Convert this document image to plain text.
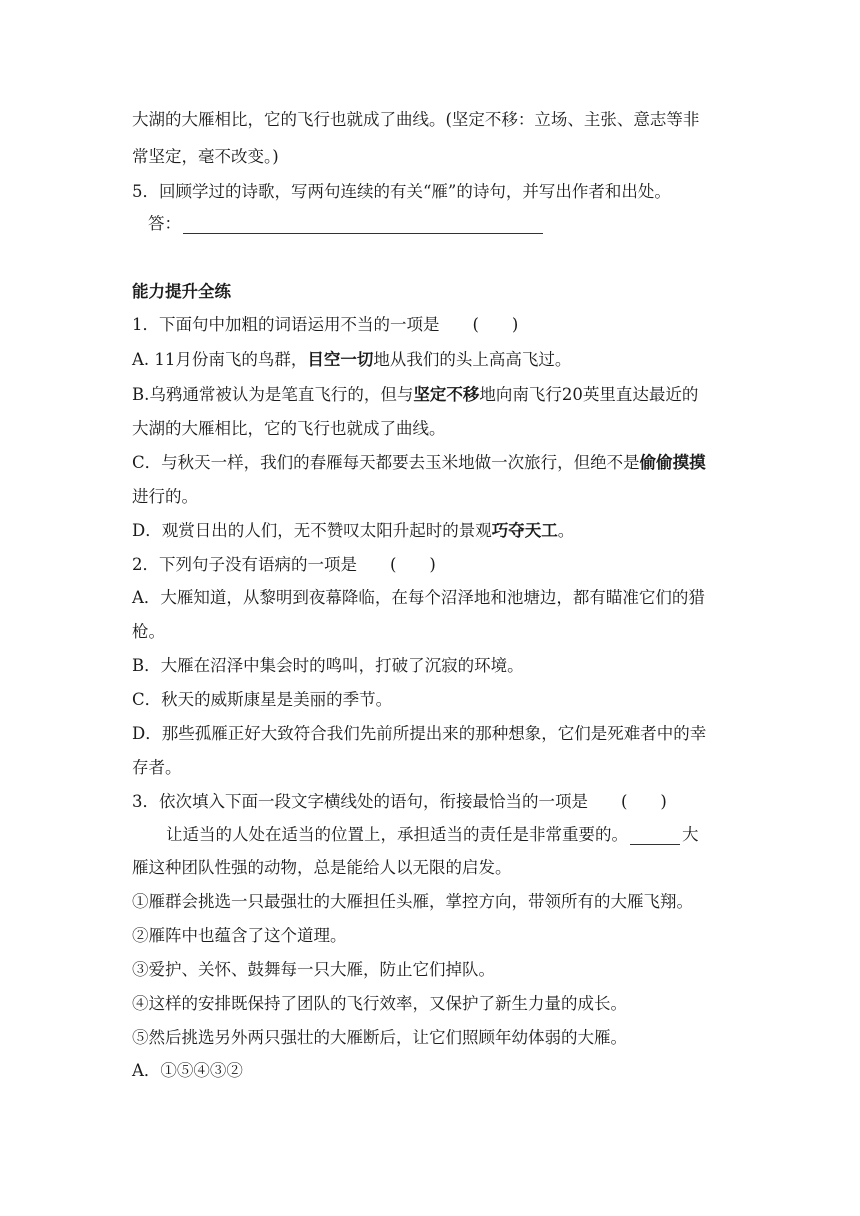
大湖的大雁相比，它的飞行也就成了曲线。(坚定不移：立场、主张、意志等非
常坚定，毫不改变。)
5．回顾学过的诗歌，写两句连续的有关“雁”的诗句，并写出作者和出处。
答：
能力提升全练
1．下面句中加粗的词语运用不当的一项是　　(　　)
A. 11月份南飞的鸟群，目空一切地从我们的头上高高飞过。
B.乌鸦通常被认为是笔直飞行的，但与坚定不移地向南飞行20英里直达最近的
大湖的大雁相比，它的飞行也就成了曲线。
C．与秋天一样，我们的春雁每天都要去玉米地做一次旅行，但绝不是偷偷摸摸
进行的。
D．观赏日出的人们，无不赞叹太阳升起时的景观巧夺天工。
2．下列句子没有语病的一项是　　(　　)
A．大雁知道，从黎明到夜幕降临，在每个沼泽地和池塘边，都有瞄准它们的猎
枪。
B．大雁在沼泽中集会时的鸣叫，打破了沉寂的环境。
C．秋天的威斯康星是美丽的季节。
D．那些孤雁正好大致符合我们先前所提出来的那种想象，它们是死难者中的幸
存者。
3．依次填入下面一段文字横线处的语句，衔接最恰当的一项是　　(　　)
让适当的人处在适当的位置上，承担适当的责任是非常重要的。	大
雁这种团队性强的动物，总是能给人以无限的启发。
①雁群会挑选一只最强壮的大雁担任头雁，掌控方向，带领所有的大雁飞翔。
②雁阵中也蕴含了这个道理。
③爱护、关怀、鼓舞每一只大雁，防止它们掉队。
④这样的安排既保持了团队的飞行效率，又保护了新生力量的成长。
⑤然后挑选另外两只强壮的大雁断后，让它们照顾年幼体弱的大雁。
A．①⑤④③②
